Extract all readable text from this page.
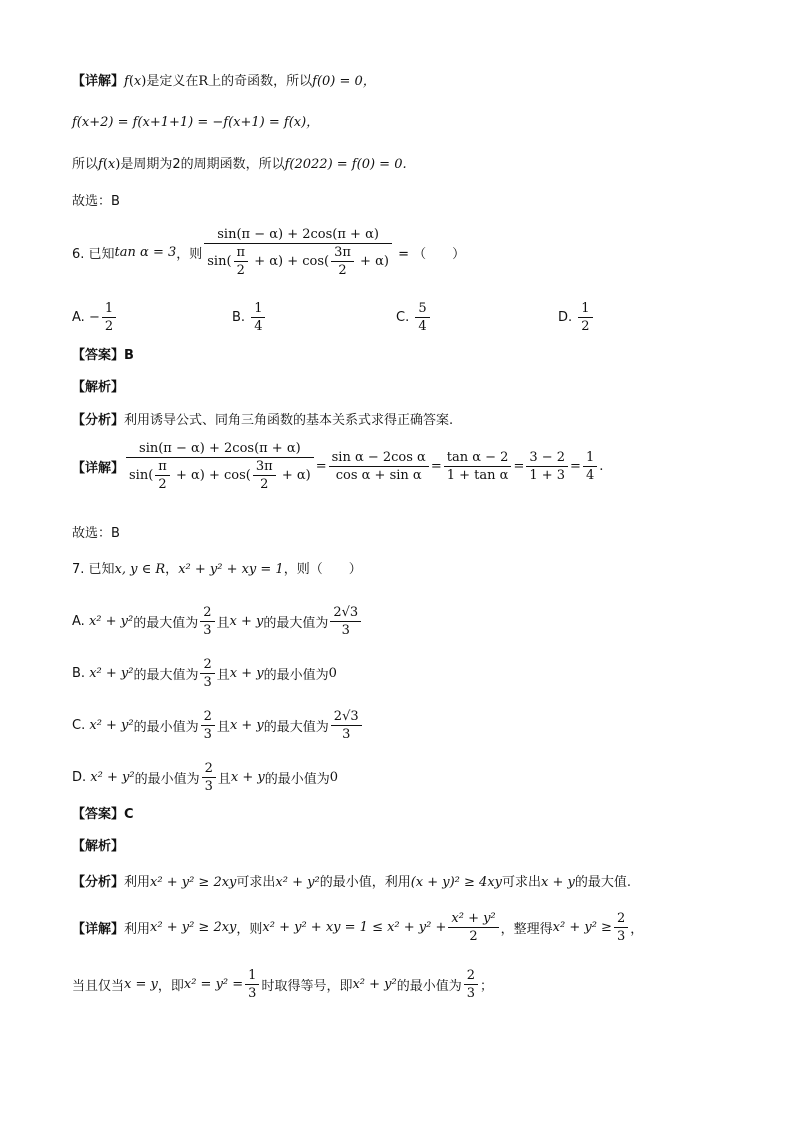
【详解】f(x)是定义在R上的奇函数，所以f(0) = 0，
f(x+2) = f(x+1+1) = −f(x+1) = f(x)，
所以f(x)是周期为2的周期函数，所以f(2022) = f(0) = 0.
故选：B
6. 已知tan α = 3，则 $\frac{\sin(\pi - \alpha) + 2\cos(\pi + \alpha)}{\sin( \frac{\pi}{2} + \alpha) + \cos( \frac{3\pi}{2} + \alpha)}$ = （　　）
A. − $\frac{1}{2}$	B. $\frac{1}{4}$	C. $\frac{5}{4}$	D. $\frac{1}{2}$
【答案】B
【解析】
【分析】利用诱导公式、同角三角函数的基本关系式求得正确答案.
【详解】 $\frac{\sin(\pi - \alpha) + 2\cos(\pi + \alpha)}{\sin( \frac{\pi}{2} + \alpha) + \cos( \frac{3\pi}{2} + \alpha)} = \frac{\text{sin α − 2cos α}}{\text{cos α + sin α}} = \frac{\text{tan α − 2}}{\text{1 + tan α}} = \frac{3 - 2}{1 + 3} = \frac{1}{4}$ .
故选：B
7. 已知x, y ∈ R，x² + y² + xy = 1，则（　　）
A. x² + y²的最大值为 $\frac{2}{3}$ 且x + y的最大值为 $\frac{2√3}{3}$
B. x² + y²的最大值为 $\frac{2}{3}$ 且x + y的最小值为0
C. x² + y²的最小值为 $\frac{2}{3}$ 且x + y的最大值为 $\frac{2√3}{3}$
D. x² + y²的最小值为 $\frac{2}{3}$ 且x + y的最小值为0
【答案】C
【解析】
【分析】利用x² + y² ≥ 2xy可求出x² + y²的最小值，利用(x + y)² ≥ 4xy可求出x + y的最大值.
【详解】利用x² + y² ≥ 2xy，则x² + y² + xy = $1 \le x^2 + y^2 + \frac{\text{x² + y²}}{2}$ ，整理得$x^2 + y^2 \ge \frac{2}{3}$ ，
当且仅当x = y，即$x^2 = y^2 = \frac{1}{3}$ 时取得等号，即x² + y²的最小值为 $\frac{2}{3}$ ；
